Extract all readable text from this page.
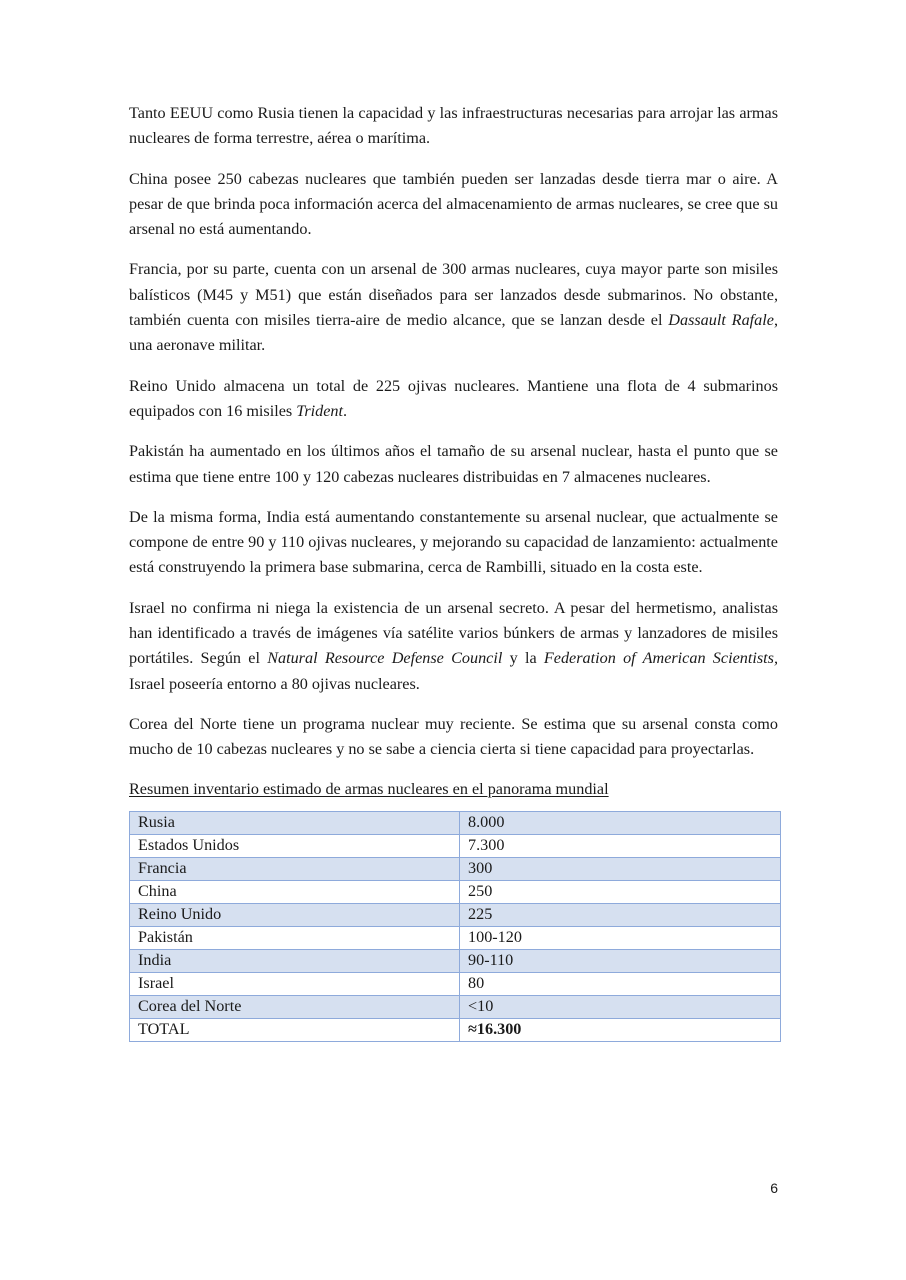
Tanto EEUU como Rusia tienen la capacidad y las infraestructuras necesarias para arrojar las armas nucleares de forma terrestre, aérea o marítima.

China posee 250 cabezas nucleares que también pueden ser lanzadas desde tierra mar o aire. A pesar de que brinda poca información acerca del almacenamiento de armas nucleares, se cree que su arsenal no está aumentando.

Francia, por su parte, cuenta con un arsenal de 300 armas nucleares, cuya mayor parte son misiles balísticos (M45 y M51) que están diseñados para ser lanzados desde submarinos. No obstante, también cuenta con misiles tierra-aire de medio alcance, que se lanzan desde el Dassault Rafale, una aeronave militar.

Reino Unido almacena un total de 225 ojivas nucleares. Mantiene una flota de 4 submarinos equipados con 16 misiles Trident.

Pakistán ha aumentado en los últimos años el tamaño de su arsenal nuclear, hasta el punto que se estima que tiene entre 100 y 120 cabezas nucleares distribuidas en 7 almacenes nucleares.

De la misma forma, India está aumentando constantemente su arsenal nuclear, que actualmente se compone de entre 90 y 110 ojivas nucleares, y mejorando su capacidad de lanzamiento: actualmente está construyendo la primera base submarina, cerca de Rambilli, situado en la costa este.

Israel no confirma ni niega la existencia de un arsenal secreto. A pesar del hermetismo, analistas han identificado a través de imágenes vía satélite varios búnkers de armas y lanzadores de misiles portátiles. Según el Natural Resource Defense Council y la Federation of American Scientists, Israel poseería entorno a 80 ojivas nucleares.

Corea del Norte tiene un programa nuclear muy reciente. Se estima que su arsenal consta como mucho de 10 cabezas nucleares y no se sabe a ciencia cierta si tiene capacidad para proyectarlas.

Resumen inventario estimado de armas nucleares en el panorama mundial
Rusia	8.000
Estados Unidos	7.300
Francia	300
China	250
Reino Unido	225
Pakistán	100-120
India	90-110
Israel	80
Corea del Norte	<10
TOTAL	≈16.300
6
